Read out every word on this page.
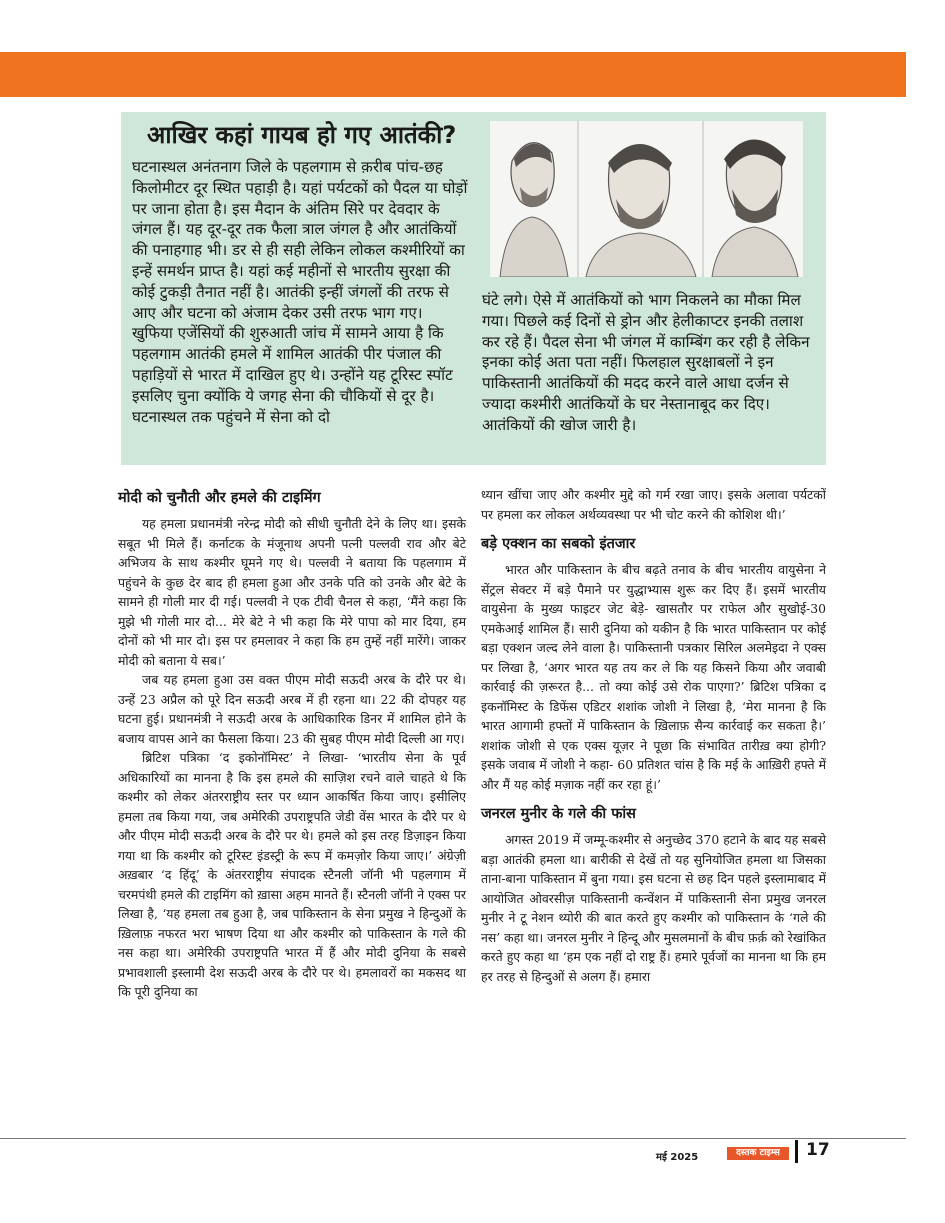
आखिर कहां गायब हो गए आतंकी?
घटनास्थल अनंतनाग जिले के पहलगाम से क़रीब पांच-छह किलोमीटर दूर स्थित पहाड़ी है। यहां पर्यटकों को पैदल या घोड़ों पर जाना होता है। इस मैदान के अंतिम सिरे पर देवदार के जंगल हैं। यह दूर-दूर तक फैला त्राल जंगल है और आतंकियों की पनाहगाह भी। डर से ही सही लेकिन लोकल कश्मीरियों का इन्हें समर्थन प्राप्त है। यहां कई महीनों से भारतीय सुरक्षा की कोई टुकड़ी तैनात नहीं है। आतंकी इन्हीं जंगलों की तरफ से आए और घटना को अंजाम देकर उसी तरफ भाग गए। खुफिया एजेंसियों की शुरुआती जांच में सामने आया है कि पहलगाम आतंकी हमले में शामिल आतंकी पीर पंजाल की पहाड़ियों से भारत में दाखिल हुए थे। उन्होंने यह टूरिस्ट स्पॉट इसलिए चुना क्योंकि ये जगह सेना की चौकियों से दूर है। घटनास्थल तक पहुंचने में सेना को दो
घंटे लगे। ऐसे में आतंकियों को भाग निकलने का मौका मिल गया। पिछले कई दिनों से ड्रोन और हेलीकाप्टर इनकी तलाश कर रहे हैं। पैदल सेना भी जंगल में काम्बिंग कर रही है लेकिन इनका कोई अता पता नहीं। फिलहाल सुरक्षाबलों ने इन पाकिस्तानी आतंकियों की मदद करने वाले आधा दर्जन से ज्यादा कश्मीरी आतंकियों के घर नेस्तानाबूद कर दिए। आतंकियों की खोज जारी है।
मोदी को चुनौती और हमले की टाइमिंग

यह हमला प्रधानमंत्री नरेन्द्र मोदी को सीधी चुनौती देने के लिए था। इसके सबूत भी मिले हैं। कर्नाटक के मंजूनाथ अपनी पत्नी पल्लवी राव और बेटे अभिजय के साथ कश्मीर घूमने गए थे। पल्लवी ने बताया कि पहलगाम में पहुंचने के कुछ देर बाद ही हमला हुआ और उनके पति को उनके और बेटे के सामने ही गोली मार दी गई। पल्लवी ने एक टीवी चैनल से कहा, ‘मैंने कहा कि मुझे भी गोली मार दो... मेरे बेटे ने भी कहा कि मेरे पापा को मार दिया, हम दोनों को भी मार दो। इस पर हमलावर ने कहा कि हम तुम्हें नहीं मारेंगे। जाकर मोदी को बताना ये सब।’

जब यह हमला हुआ उस वक्त पीएम मोदी सऊदी अरब के दौरे पर थे। उन्हें 23 अप्रैल को पूरे दिन सऊदी अरब में ही रहना था। 22 की दोपहर यह घटना हुई। प्रधानमंत्री ने सऊदी अरब के आधिकारिक डिनर में शामिल होने के बजाय वापस आने का फैसला किया। 23 की सुबह पीएम मोदी दिल्ली आ गए।

ब्रिटिश पत्रिका ‘द इकोनॉमिस्ट’ ने लिखा- ‘भारतीय सेना के पूर्व अधिकारियों का मानना है कि इस हमले की साज़िश रचने वाले चाहते थे कि कश्मीर को लेकर अंतरराष्ट्रीय स्तर पर ध्यान आकर्षित किया जाए। इसीलिए हमला तब किया गया, जब अमेरिकी उपराष्ट्रपति जेडी वेंस भारत के दौरे पर थे और पीएम मोदी सऊदी अरब के दौरे पर थे। हमले को इस तरह डिज़ाइन किया गया था कि कश्मीर को टूरिस्ट इंडस्ट्री के रूप में कमज़ोर किया जाए।’ अंग्रेज़ी अख़बार ‘द हिंदू’ के अंतरराष्ट्रीय संपादक स्टैनली जॉनी भी पहलगाम में चरमपंथी हमले की टाइमिंग को ख़ासा अहम मानते हैं। स्टैनली जॉनी ने एक्स पर लिखा है, ‘यह हमला तब हुआ है, जब पाकिस्तान के सेना प्रमुख ने हिन्दुओं के ख़िलाफ़ नफरत भरा भाषण दिया था और कश्मीर को पाकिस्तान के गले की नस कहा था। अमेरिकी उपराष्ट्रपति भारत में हैं और मोदी दुनिया के सबसे प्रभावशाली इस्लामी देश सऊदी अरब के दौरे पर थे। हमलावरों का मकसद था कि पूरी दुनिया का

ध्यान खींचा जाए और कश्मीर मुद्दे को गर्म रखा जाए। इसके अलावा पर्यटकों पर हमला कर लोकल अर्थव्यवस्था पर भी चोट करने की कोशिश थी।’

बड़े एक्शन का सबको इंतजार

भारत और पाकिस्तान के बीच बढ़ते तनाव के बीच भारतीय वायुसेना ने सेंट्रल सेक्टर में बड़े पैमाने पर युद्धाभ्यास शुरू कर दिए हैं। इसमें भारतीय वायुसेना के मुख्य फाइटर जेट बेड़े- खासतौर पर राफेल और सुखोई-30 एमकेआई शामिल हैं। सारी दुनिया को यकीन है कि भारत पाकिस्तान पर कोई बड़ा एक्शन जल्द लेने वाला है। पाकिस्तानी पत्रकार सिरिल अलमेइदा ने एक्स पर लिखा है, ‘अगर भारत यह तय कर ले कि यह किसने किया और जवाबी कार्रवाई की ज़रूरत है... तो क्या कोई उसे रोक पाएगा?’ ब्रिटिश पत्रिका द इकनॉमिस्ट के डिफेंस एडिटर शशांक जोशी ने लिखा है, ‘मेरा मानना है कि भारत आगामी हफ्तों में पाकिस्तान के ख़िलाफ़ सैन्य कार्रवाई कर सकता है।’ शशांक जोशी से एक एक्स यूज़र ने पूछा कि संभावित तारीख़ क्या होगी? इसके जवाब में जोशी ने कहा- 60 प्रतिशत चांस है कि मई के आख़िरी हफ्ते में और मैं यह कोई मज़ाक नहीं कर रहा हूं।’

जनरल मुनीर के गले की फांस

अगस्त 2019 में जम्मू-कश्मीर से अनुच्छेद 370 हटाने के बाद यह सबसे बड़ा आतंकी हमला था। बारीकी से देखें तो यह सुनियोजित हमला था जिसका ताना-बाना पाकिस्तान में बुना गया। इस घटना से छह दिन पहले इस्लामाबाद में आयोजित ओवरसीज़ पाकिस्तानी कन्वेंशन में पाकिस्तानी सेना प्रमुख जनरल मुनीर ने टू नेशन थ्योरी की बात करते हुए कश्मीर को पाकिस्तान के ‘गले की नस’ कहा था। जनरल मुनीर ने हिन्दू और मुसलमानों के बीच फ़र्क़ को रेखांकित करते हुए कहा था ‘हम एक नहीं दो राष्ट्र हैं। हमारे पूर्वजों का मानना था कि हम हर तरह से हिन्दुओं से अलग हैं। हमारा

मई 2025	दस्तक टाइम्स	17
